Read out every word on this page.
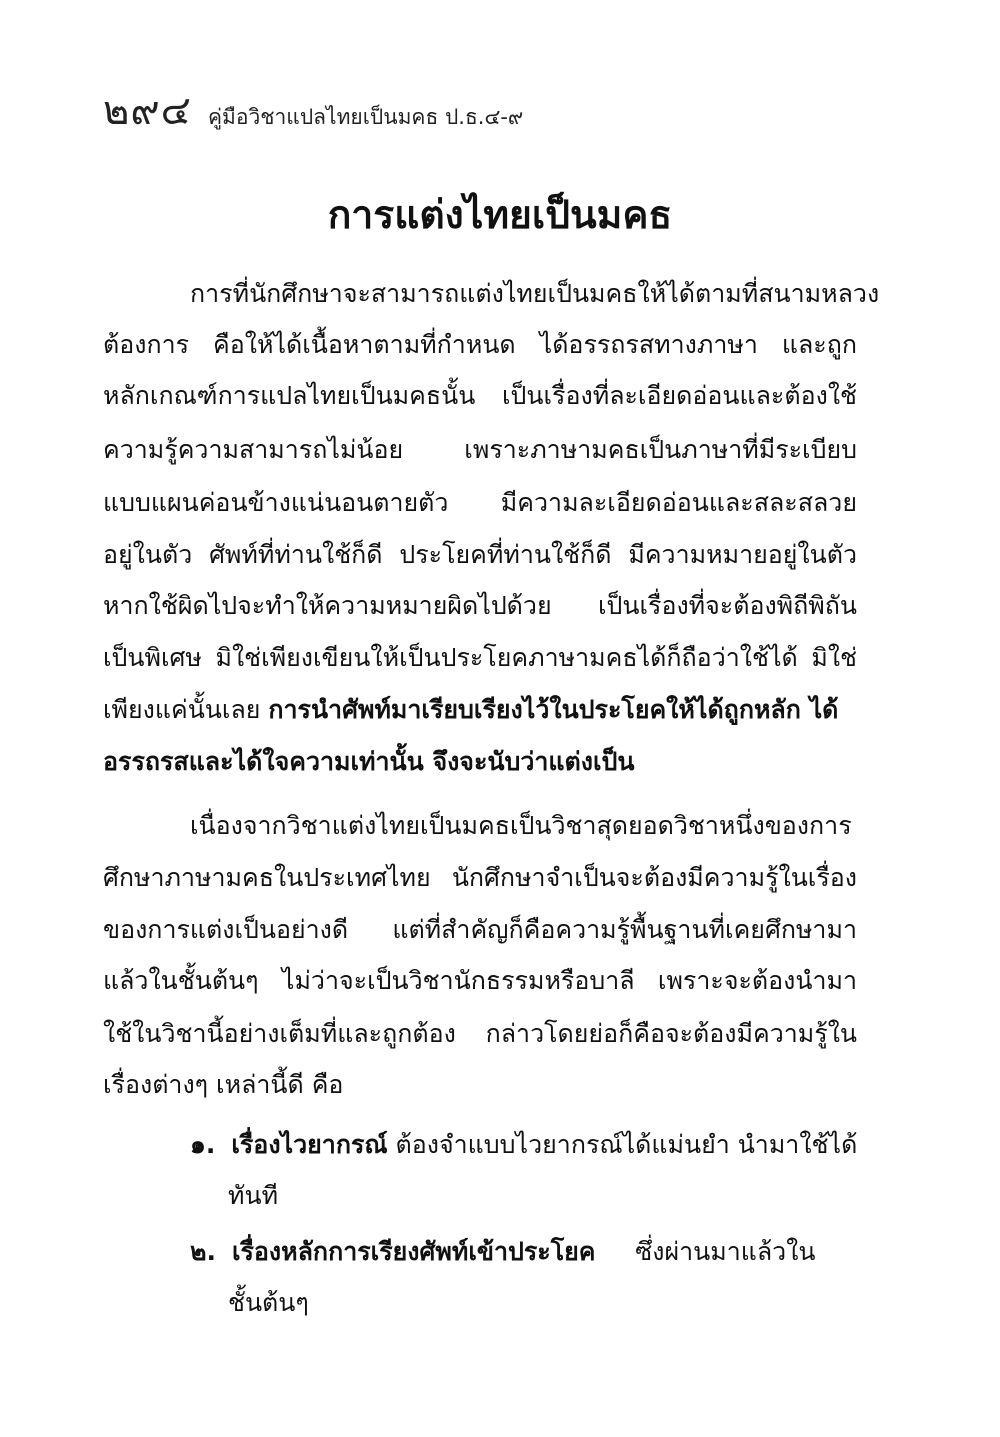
๒๙๔ คู่มือวิชาแปลไทยเป็นมคธ ป.ธ.๔-๙
การแต่งไทยเป็นมคธ
การที่นักศึกษาจะสามารถแต่งไทยเป็นมคธให้ได้ตามที่สนามหลวง
ต้องการ คือให้ได้เนื้อหาตามที่กำหนด ได้อรรถรสทางภาษา และถูก
หลักเกณฑ์การแปลไทยเป็นมคธนั้น เป็นเรื่องที่ละเอียดอ่อนและต้องใช้
ความรู้ความสามารถไม่น้อย เพราะภาษามคธเป็นภาษาที่มีระเบียบ
แบบแผนค่อนข้างแน่นอนตายตัว มีความละเอียดอ่อนและสละสลวย
อยู่ในตัว ศัพท์ที่ท่านใช้ก็ดี ประโยคที่ท่านใช้ก็ดี มีความหมายอยู่ในตัว
หากใช้ผิดไปจะทำให้ความหมายผิดไปด้วย เป็นเรื่องที่จะต้องพิถีพิถัน
เป็นพิเศษ มิใช่เพียงเขียนให้เป็นประโยคภาษามคธได้ก็ถือว่าใช้ได้ มิใช่
เพียงแค่นั้นเลย การนำศัพท์มาเรียบเรียงไว้ในประโยคให้ได้ถูกหลัก ได้
อรรถรสและได้ใจความเท่านั้น จึงจะนับว่าแต่งเป็น
เนื่องจากวิชาแต่งไทยเป็นมคธเป็นวิชาสุดยอดวิชาหนึ่งของการ
ศึกษาภาษามคธในประเทศไทย นักศึกษาจำเป็นจะต้องมีความรู้ในเรื่อง
ของการแต่งเป็นอย่างดี แต่ที่สำคัญก็คือความรู้พื้นฐานที่เคยศึกษามา
แล้วในชั้นต้นๆ ไม่ว่าจะเป็นวิชานักธรรมหรือบาลี เพราะจะต้องนำมา
ใช้ในวิชานี้อย่างเต็มที่และถูกต้อง กล่าวโดยย่อก็คือจะต้องมีความรู้ใน
เรื่องต่างๆ เหล่านี้ดี คือ
๑. เรื่องไวยากรณ์ ต้องจำแบบไวยากรณ์ได้แม่นยำ นำมาใช้ได้
ทันที
๒. เรื่องหลักการเรียงศัพท์เข้าประโยค     ซึ่งผ่านมาแล้วใน
ชั้นต้นๆ
